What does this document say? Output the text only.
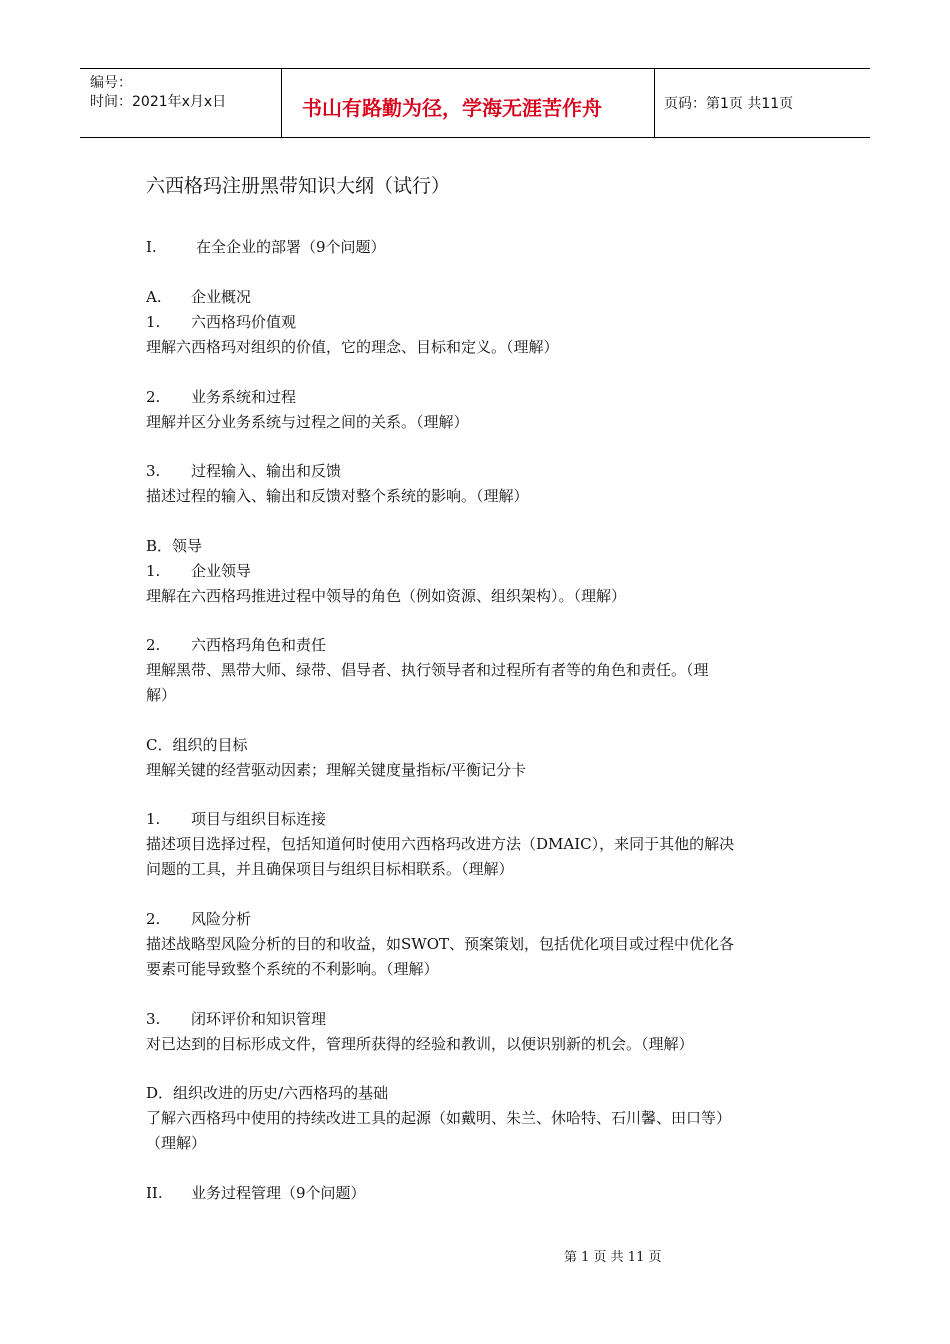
编号：
时间：2021年x月x日	书山有路勤为径，学海无涯苦作舟	页码：第1页 共11页
六西格玛注册黑带知识大纲（试行）
I.	在全企业的部署（9个问题）
A. 企业概况
1. 六西格玛价值观
理解六西格玛对组织的价值，它的理念、目标和定义。（理解）
2. 业务系统和过程
理解并区分业务系统与过程之间的关系。（理解）
3. 过程输入、输出和反馈
描述过程的输入、输出和反馈对整个系统的影响。（理解）
B．领导
1. 企业领导
理解在六西格玛推进过程中领导的角色（例如资源、组织架构）。（理解）
2. 六西格玛角色和责任
理解黑带、黑带大师、绿带、倡导者、执行领导者和过程所有者等的角色和责任。（理
解）
C．组织的目标
理解关键的经营驱动因素；理解关键度量指标/平衡记分卡
1. 项目与组织目标连接
描述项目选择过程，包括知道何时使用六西格玛改进方法（DMAIC），来同于其他的解决
问题的工具，并且确保项目与组织目标相联系。（理解）
2. 风险分析
描述战略型风险分析的目的和收益，如SWOT、预案策划，包括优化项目或过程中优化各
要素可能导致整个系统的不利影响。（理解）
3. 闭环评价和知识管理
对已达到的目标形成文件，管理所获得的经验和教训，以便识别新的机会。（理解）
D．组织改进的历史/六西格玛的基础
了解六西格玛中使用的持续改进工具的起源（如戴明、朱兰、休哈特、石川馨、田口等）
（理解）
II. 业务过程管理（9个问题）
第 1 页 共 11 页
